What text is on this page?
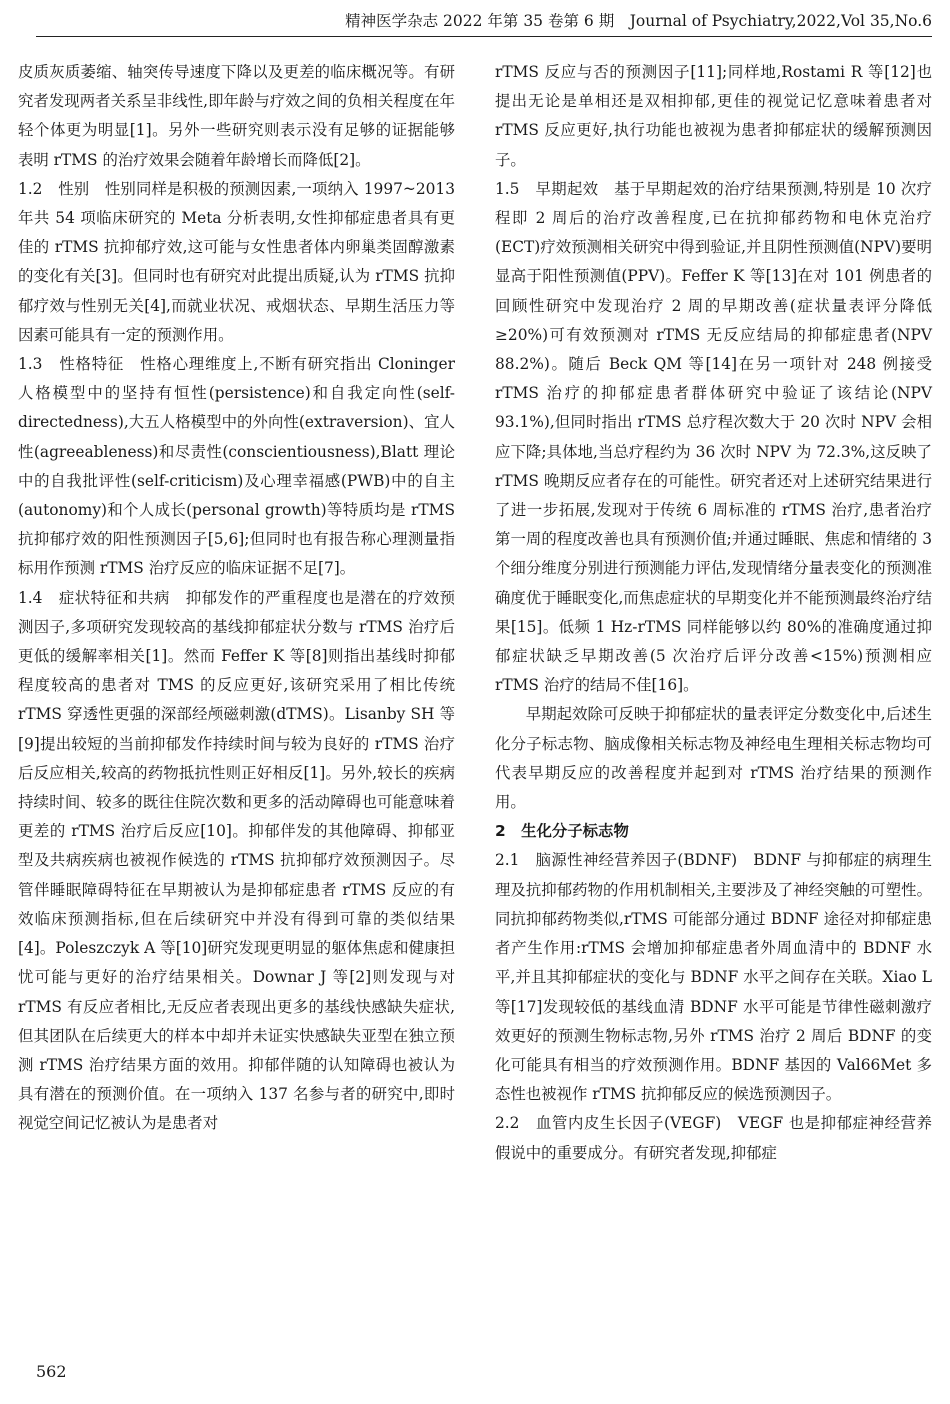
精神医学杂志 2022 年第 35 卷第 6 期　Journal of Psychiatry,2022,Vol 35,No.6

皮质灰质萎缩、轴突传导速度下降以及更差的临床概况等。有研究者发现两者关系呈非线性,即年龄与疗效之间的负相关程度在年轻个体更为明显[1]。另外一些研究则表示没有足够的证据能够表明 rTMS 的治疗效果会随着年龄增长而降低[2]。

1.2　性别　性别同样是积极的预测因素,一项纳入 1997~2013 年共 54 项临床研究的 Meta 分析表明,女性抑郁症患者具有更佳的 rTMS 抗抑郁疗效,这可能与女性患者体内卵巢类固醇激素的变化有关[3]。但同时也有研究对此提出质疑,认为 rTMS 抗抑郁疗效与性别无关[4],而就业状况、戒烟状态、早期生活压力等因素可能具有一定的预测作用。

1.3　性格特征　性格心理维度上,不断有研究指出 Cloninger 人格模型中的坚持有恒性(persistence)和自我定向性(self-directedness),大五人格模型中的外向性(extraversion)、宜人性(agreeableness)和尽责性(conscientiousness),Blatt 理论中的自我批评性(self-criticism)及心理幸福感(PWB)中的自主(autonomy)和个人成长(personal growth)等特质均是 rTMS 抗抑郁疗效的阳性预测因子[5,6];但同时也有报告称心理测量指标用作预测 rTMS 治疗反应的临床证据不足[7]。

1.4　症状特征和共病　抑郁发作的严重程度也是潜在的疗效预测因子,多项研究发现较高的基线抑郁症状分数与 rTMS 治疗后更低的缓解率相关[1]。然而 Feffer K 等[8]则指出基线时抑郁程度较高的患者对 TMS 的反应更好,该研究采用了相比传统 rTMS 穿透性更强的深部经颅磁刺激(dTMS)。Lisanby SH 等[9]提出较短的当前抑郁发作持续时间与较为良好的 rTMS 治疗后反应相关,较高的药物抵抗性则正好相反[1]。另外,较长的疾病持续时间、较多的既往住院次数和更多的活动障碍也可能意味着更差的 rTMS 治疗后反应[10]。抑郁伴发的其他障碍、抑郁亚型及共病疾病也被视作候选的 rTMS 抗抑郁疗效预测因子。尽管伴睡眠障碍特征在早期被认为是抑郁症患者 rTMS 反应的有效临床预测指标,但在后续研究中并没有得到可靠的类似结果[4]。Poleszczyk A 等[10]研究发现更明显的躯体焦虑和健康担忧可能与更好的治疗结果相关。Downar J 等[2]则发现与对 rTMS 有反应者相比,无反应者表现出更多的基线快感缺失症状,但其团队在后续更大的样本中却并未证实快感缺失亚型在独立预测 rTMS 治疗结果方面的效用。抑郁伴随的认知障碍也被认为具有潜在的预测价值。在一项纳入 137 名参与者的研究中,即时视觉空间记忆被认为是患者对

rTMS 反应与否的预测因子[11];同样地,Rostami R 等[12]也提出无论是单相还是双相抑郁,更佳的视觉记忆意味着患者对 rTMS 反应更好,执行功能也被视为患者抑郁症状的缓解预测因子。

1.5　早期起效　基于早期起效的治疗结果预测,特别是 10 次疗程即 2 周后的治疗改善程度,已在抗抑郁药物和电休克治疗(ECT)疗效预测相关研究中得到验证,并且阴性预测值(NPV)要明显高于阳性预测值(PPV)。Feffer K 等[13]在对 101 例患者的回顾性研究中发现治疗 2 周的早期改善(症状量表评分降低≥20%)可有效预测对 rTMS 无反应结局的抑郁症患者(NPV 88.2%)。随后 Beck QM 等[14]在另一项针对 248 例接受 rTMS 治疗的抑郁症患者群体研究中验证了该结论(NPV 93.1%),但同时指出 rTMS 总疗程次数大于 20 次时 NPV 会相应下降;具体地,当总疗程约为 36 次时 NPV 为 72.3%,这反映了 rTMS 晚期反应者存在的可能性。研究者还对上述研究结果进行了进一步拓展,发现对于传统 6 周标准的 rTMS 治疗,患者治疗第一周的程度改善也具有预测价值;并通过睡眠、焦虑和情绪的 3 个细分维度分别进行预测能力评估,发现情绪分量表变化的预测准确度优于睡眠变化,而焦虑症状的早期变化并不能预测最终治疗结果[15]。低频 1 Hz-rTMS 同样能够以约 80%的准确度通过抑郁症状缺乏早期改善(5 次治疗后评分改善<15%)预测相应 rTMS 治疗的结局不佳[16]。

早期起效除可反映于抑郁症状的量表评定分数变化中,后述生化分子标志物、脑成像相关标志物及神经电生理相关标志物均可代表早期反应的改善程度并起到对 rTMS 治疗结果的预测作用。

2　生化分子标志物

2.1　脑源性神经营养因子(BDNF)　BDNF 与抑郁症的病理生理及抗抑郁药物的作用机制相关,主要涉及了神经突触的可塑性。同抗抑郁药物类似,rTMS 可能部分通过 BDNF 途径对抑郁症患者产生作用:rTMS 会增加抑郁症患者外周血清中的 BDNF 水平,并且其抑郁症状的变化与 BDNF 水平之间存在关联。Xiao L 等[17]发现较低的基线血清 BDNF 水平可能是节律性磁刺激疗效更好的预测生物标志物,另外 rTMS 治疗 2 周后 BDNF 的变化可能具有相当的疗效预测作用。BDNF 基因的 Val66Met 多态性也被视作 rTMS 抗抑郁反应的候选预测因子。

2.2　血管内皮生长因子(VEGF)　VEGF 也是抑郁症神经营养假说中的重要成分。有研究者发现,抑郁症

562
